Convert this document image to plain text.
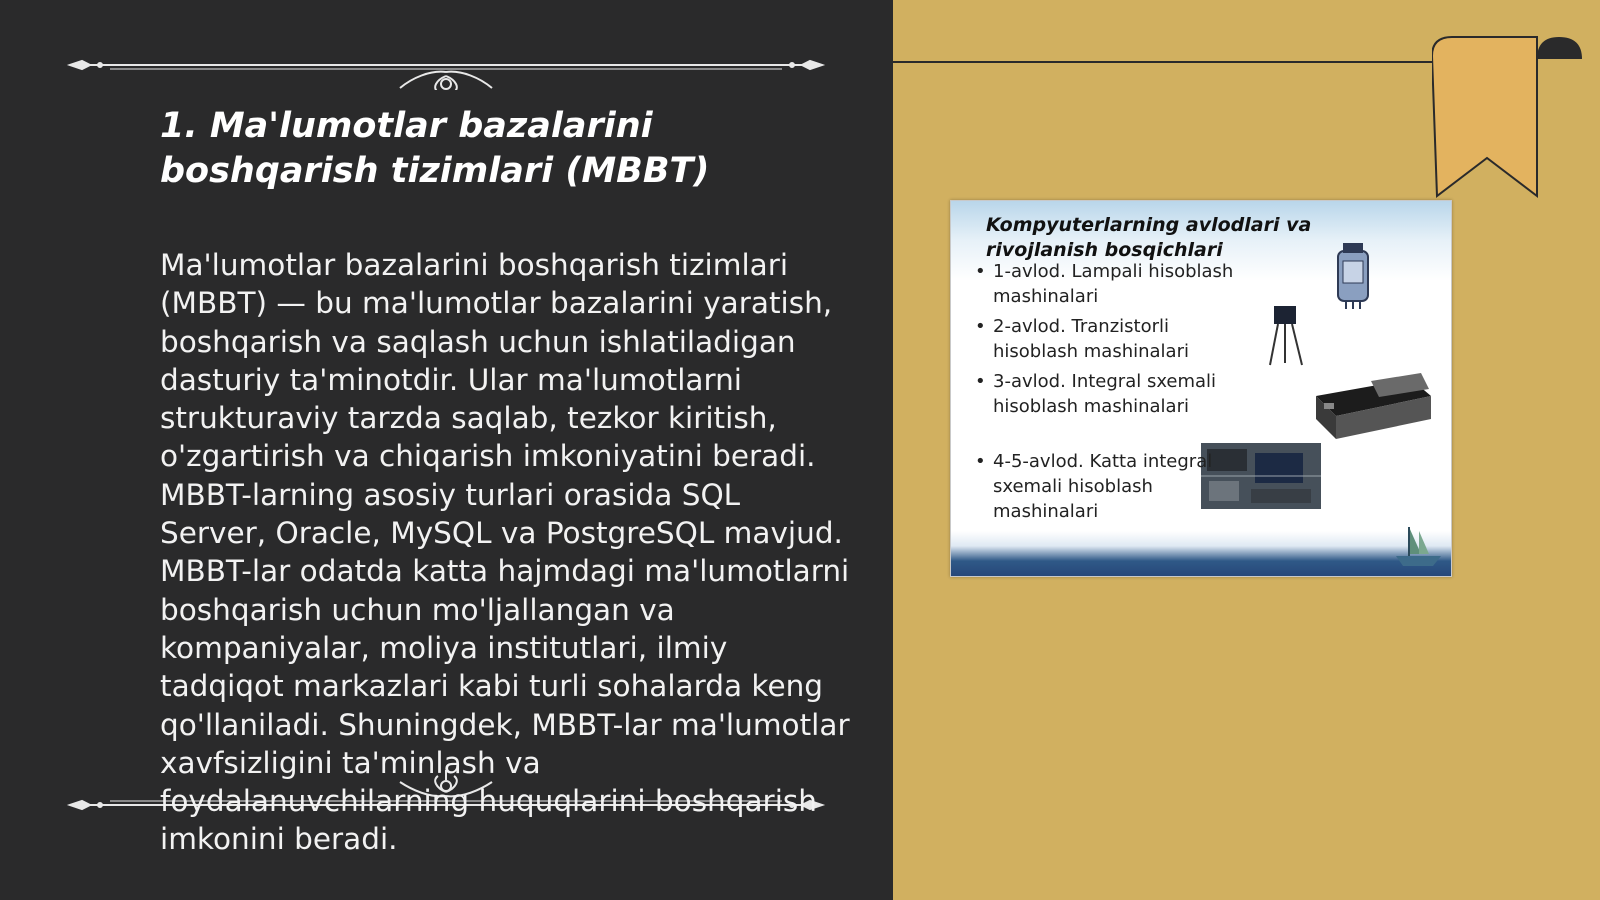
1. Ma'lumotlar bazalarini boshqarish tizimlari (MBBT)

Ma'lumotlar bazalarini boshqarish tizimlari (MBBT) — bu ma'lumotlar bazalarini yaratish, boshqarish va saqlash uchun ishlatiladigan dasturiy ta'minotdir. Ular ma'lumotlarni strukturaviy tarzda saqlab, tezkor kiritish, o'zgartirish va chiqarish imkoniyatini beradi. MBBT-larning asosiy turlari orasida SQL Server, Oracle, MySQL va PostgreSQL mavjud. MBBT-lar odatda katta hajmdagi ma'lumotlarni boshqarish uchun mo'ljallangan va kompaniyalar, moliya institutlari, ilmiy tadqiqot markazlari kabi turli sohalarda keng qo'llaniladi. Shuningdek, MBBT-lar ma'lumotlar xavfsizligini ta'minlash va foydalanuvchilarning huquqlarini boshqarish imkonini beradi.

Kompyuterlarning avlodlari va rivojlanish bosqichlari

• 1-avlod. Lampali hisoblash mashinalari
• 2-avlod. Tranzistorli hisoblash mashinalari
• 3-avlod. Integral sxemali hisoblash mashinalari
• 4-5-avlod. Katta integral sxemali hisoblash mashinalari
